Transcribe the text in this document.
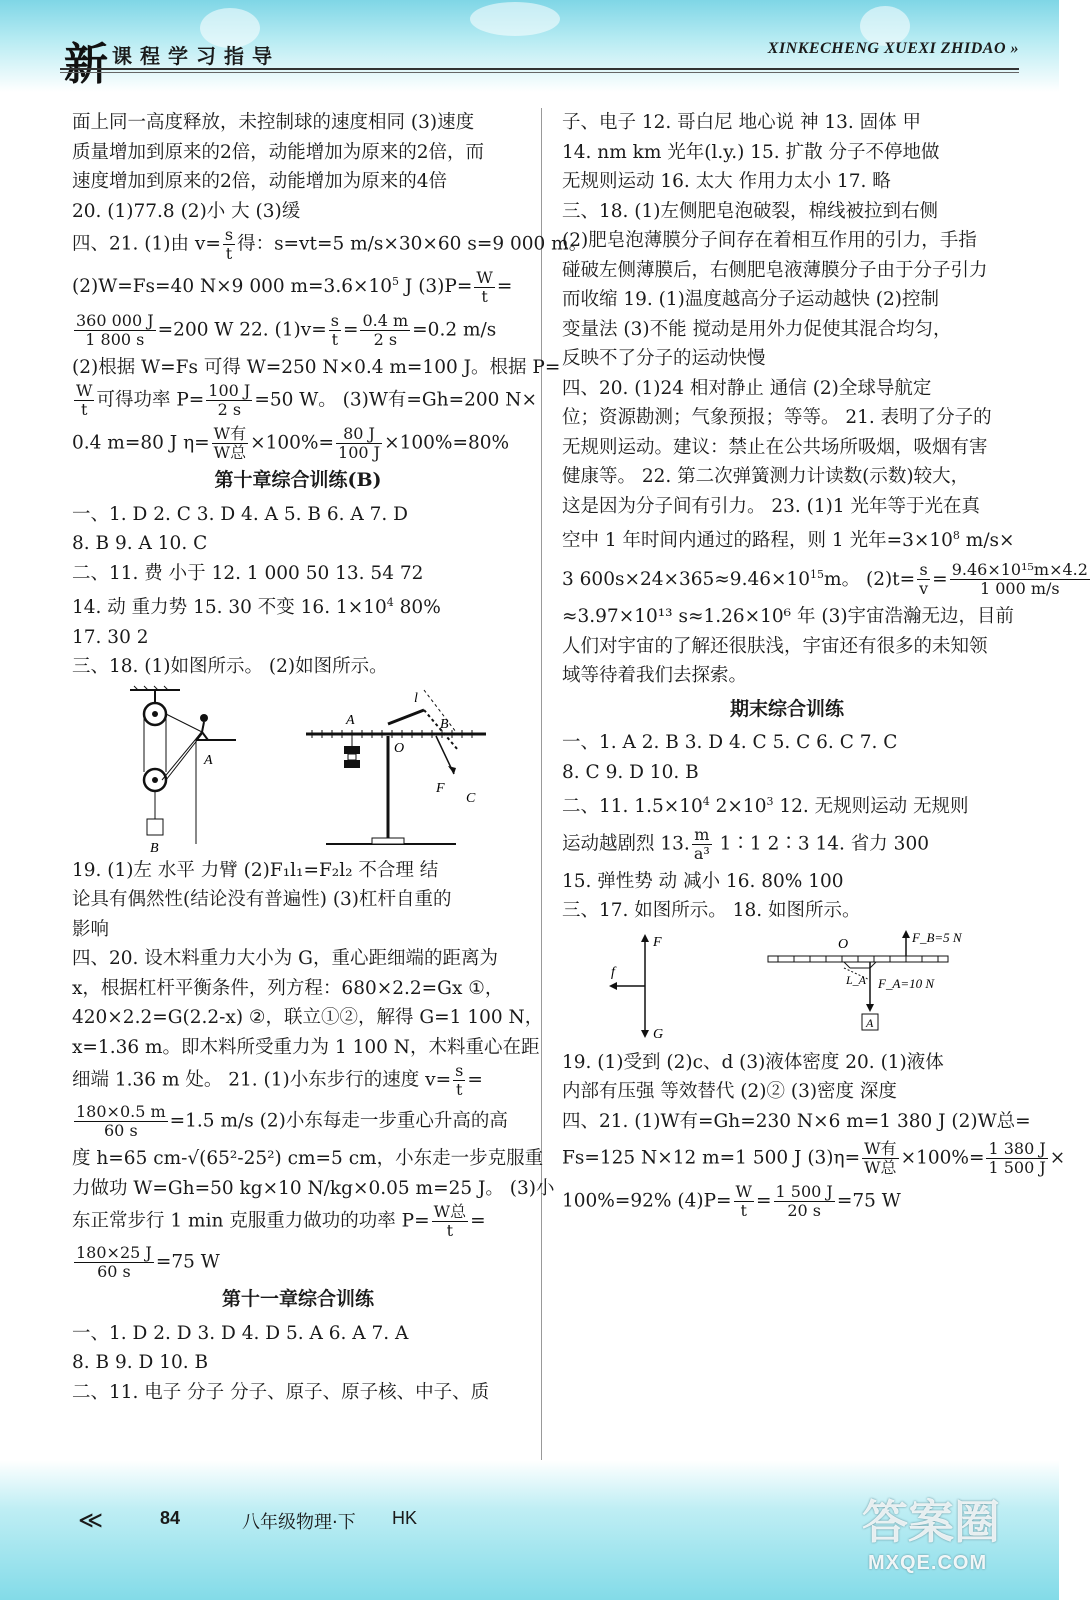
新 课程学习指导	XINKECHENG XUEXI ZHIDAO »
面上同一高度释放，未控制球的速度相同 (3)速度
质量增加到原来的2倍，动能增加为原来的2倍，而
速度增加到原来的2倍，动能增加为原来的4倍
20. (1)77.8 (2)小 大 (3)缓
四、21. (1)由 $v= \frac{s}{t}$ 得：s=vt=5 m/s×30×60 s=9 000 m。
(2)W=Fs=40 N×9 000 $m=3.6\times 10^5$ J $(3)P= \frac{W}{t}$ =
$\frac{360 000 J}{1 800 s} =200$ W 22. $(1)v= \frac{s}{t} = \frac{0.4 m}{2 s} =0.2$ m/s
(2)根据 W=Fs 可得 W=250 N×0.4 m=100 J。根据 P=
$\frac{W}{t}$ 可得功率 $P= \frac{100 J}{2 s} =50$ W。 (3)W有=Gh=200 N×
0.4 m=80 J $\eta= \frac{\text{W有}}{\text{W总}} \times 100\%= \frac{80 J}{100 J} \times 100\%=80\%$
第十章综合训练(B)
一、1. D 2. C 3. D 4. A 5. B 6. A 7. D
8. B 9. A 10. C
二、11. 费 小于 12. 1 000 50 13. 54 72
14. 动 重力势 15. 30 不变 16. $1\times 10^4$ 80%
17. 30 2
三、18. (1)如图所示。 (2)如图所示。
A
B
A	B
O
F
C
l
19. (1)左 水平 力臂 (2)F₁l₁=F₂l₂ 不合理 结
论具有偶然性(结论没有普遍性) (3)杠杆自重的
影响
四、20. 设木料重力大小为 G，重心距细端的距离为
x，根据杠杆平衡条件，列方程：680×2.2=Gx ①，
420×2.2=G(2.2-x) ②，联立①②，解得 G=1 100 N，
x=1.36 m。即木料所受重力为 1 100 N，木料重心在距
细端 1.36 m 处。 21. (1)小东步行的速度 $v= \frac{s}{t}$ =
$\frac{180\times 0.5 m}{60 s} =1.5$ m/s (2)小东每走一步重心升高的高
度 h=65 cm-√(65²-25²) cm=5 cm，小东走一步克服重
力做功 W=Gh=50 kg×10 N/kg×0.05 m=25 J。 (3)小
东正常步行 1 min 克服重力做功的功率 $P= \frac{\text{W总}}{t}$ =
$\frac{180\times 25 J}{60 s} =75$ W
第十一章综合训练
一、1. D 2. D 3. D 4. D 5. A 6. A 7. A
8. B 9. D 10. B
二、11. 电子 分子 分子、原子、原子核、中子、质
子、电子 12. 哥白尼 地心说 神 13. 固体 甲
14. nm km 光年(l.y.) 15. 扩散 分子不停地做
无规则运动 16. 太大 作用力太小 17. 略
三、18. (1)左侧肥皂泡破裂，棉线被拉到右侧
(2)肥皂泡薄膜分子间存在着相互作用的引力，手指
碰破左侧薄膜后，右侧肥皂液薄膜分子由于分子引力
而收缩 19. (1)温度越高分子运动越快 (2)控制
变量法 (3)不能 搅动是用外力促使其混合均匀，
反映不了分子的运动快慢
四、20. (1)24 相对静止 通信 (2)全球导航定
位；资源勘测；气象预报；等等。 21. 表明了分子的
无规则运动。建议：禁止在公共场所吸烟，吸烟有害
健康等。 22. 第二次弹簧测力计读数(示数)较大，
这是因为分子间有引力。 23. (1)1 光年等于光在真
空中 1 年时间内通过的路程，则 1 光年$=3\times 10^8$ m/s×
3 $600s\times 24\times 365\approx 9.46\times 10^{15}m$。 $(2)t= \frac{s}{v} = \frac{\text{9.46×10¹⁵m×4.2}}{1 000 m/s}$
≈3.97×10¹³ s≈1.26×10⁶ 年 (3)宇宙浩瀚无边，目前
人们对宇宙的了解还很肤浅，宇宙还有很多的未知领
域等待着我们去探索。
期末综合训练
一、1. A 2. B 3. D 4. C 5. C 6. C 7. C
8. C 9. D 10. B
二、11. $1.5\times 10^4$ $2\times 10^3$ 12. 无规则运动 无规则
运动越剧烈 13. $\frac{m}{\text{a³}}$ 1∶1 2∶3 14. 省力 300
15. 弹性势 动 减小 16. 80% 100
三、17. 如图所示。 18. 如图所示。
F
f
G
O	F_B=5 N
F_A=10 N
L_A
A
19. (1)受到 (2)c、d (3)液体密度 20. (1)液体
内部有压强 等效替代 (2)② (3)密度 深度
四、21. (1)W有=Gh=230 N×6 m=1 380 J (2)W总=
Fs=125 N×12 m=1 500 J $(3)\eta= \frac{\text{W有}}{\text{W总}} \times 100\%= \frac{1 380 J}{1 500 J}$ ×
100%=92% $(4)P= \frac{W}{t} = \frac{1 500 J}{20 s} =75$ W
≪	84	八年级物理·下 HK	答案圈
MXQE.COM
